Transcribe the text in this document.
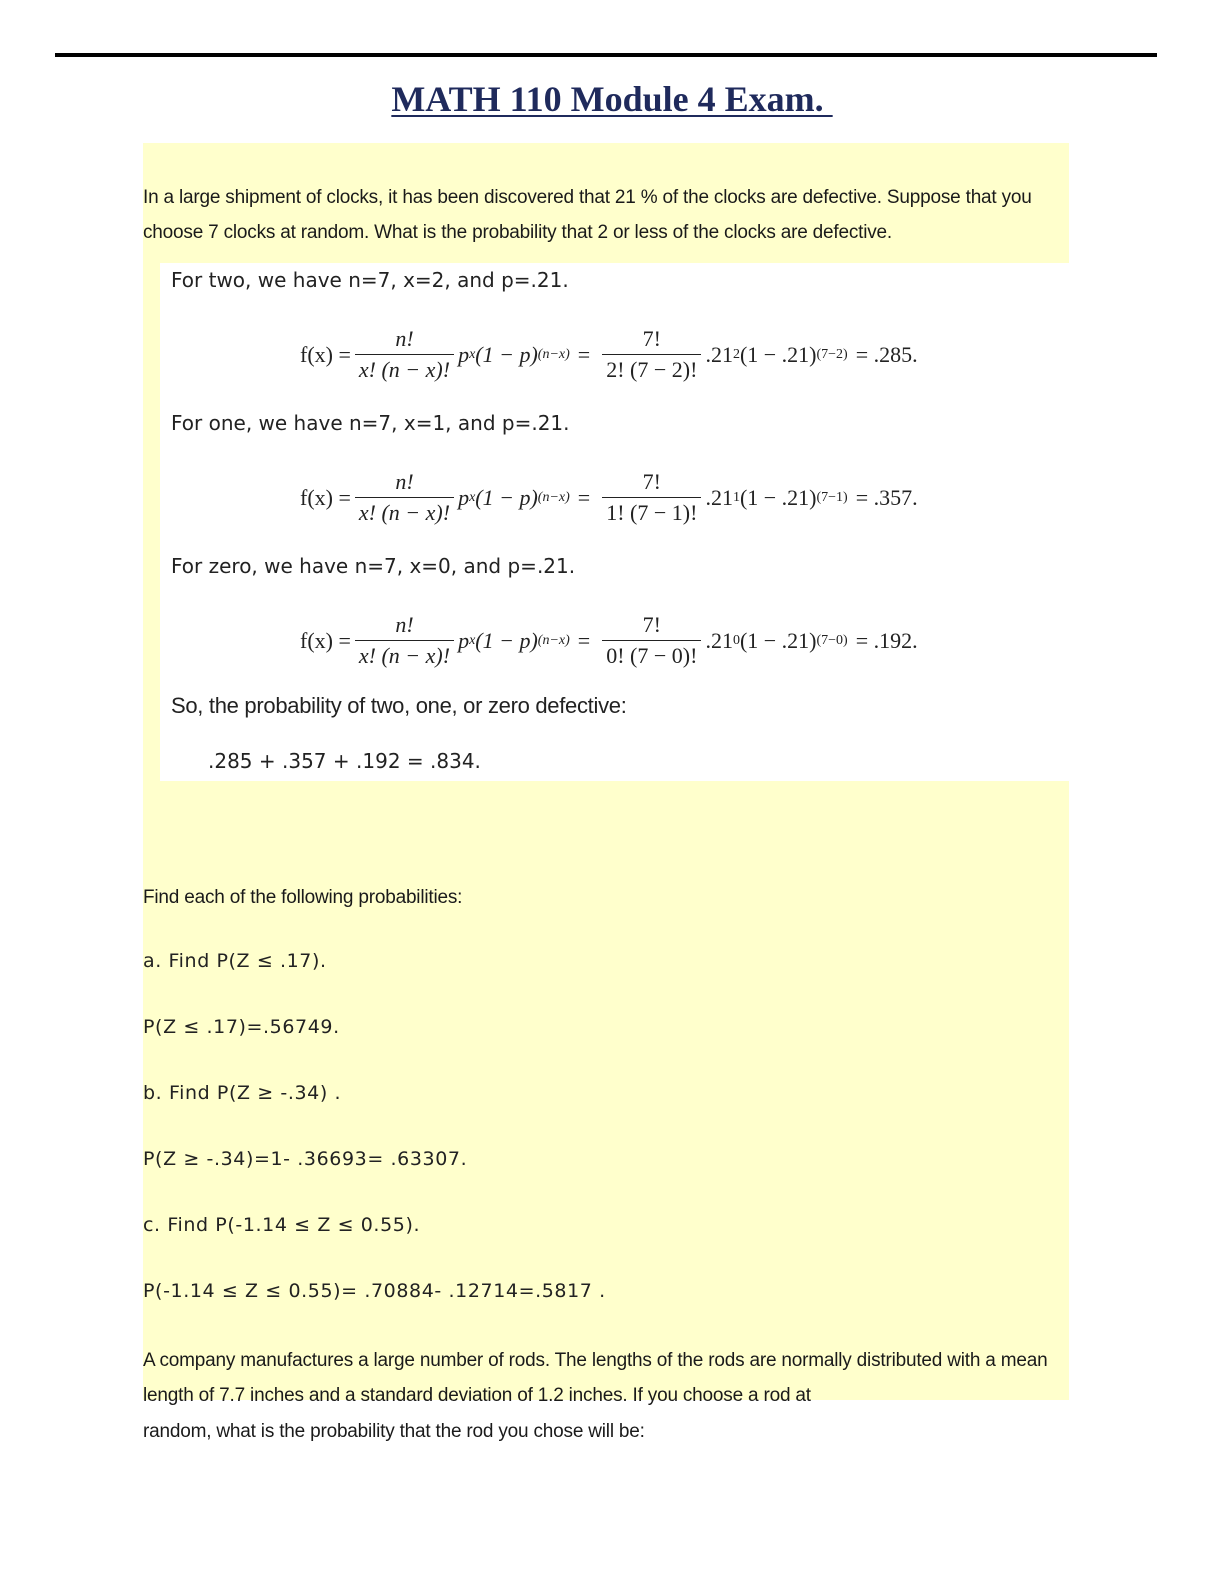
MATH 110 Module 4 Exam.
In a large shipment of clocks, it has been discovered that 21 % of the clocks are defective. Suppose that you choose 7 clocks at random. What is the probability that 2 or less of the clocks are defective.
For two, we have n=7, x=2, and p=.21.
$f(x) = \frac{n!}{x! (n - x)!}$ p x (1 − p) $(n-x) = \frac{7!}{2! (7 - 2)!} .21$ 2 (1 − .21) (7−2) = .285.
For one, we have n=7, x=1, and p=.21.
$f(x) = \frac{n!}{x! (n - x)!}$ p x (1 − p) $(n-x) = \frac{7!}{1! (7 - 1)!} .21$ 1 (1 − .21) (7−1) = .357.
For zero, we have n=7, x=0, and p=.21.
$f(x) = \frac{n!}{x! (n - x)!}$ p x (1 − p) $(n-x) = \frac{7!}{0! (7 - 0)!} .21$ 0 (1 − .21) (7−0) = .192.
So, the probability of two, one, or zero defective:
.285 + .357 + .192 = .834.
Find each of the following probabilities:
a. Find P(Z ≤ .17).
P(Z ≤ .17)=.56749.
b. Find P(Z ≥ -.34) .
P(Z ≥ -.34)=1- .36693= .63307.
c. Find P(-1.14 ≤ Z ≤ 0.55).
P(-1.14 ≤ Z ≤ 0.55)= .70884- .12714=.5817 .
A company manufactures a large number of rods. The lengths of the rods are normally distributed with a mean length of 7.7 inches and a standard deviation of 1.2 inches. If you choose a rod at
random, what is the probability that the rod you chose will be:
